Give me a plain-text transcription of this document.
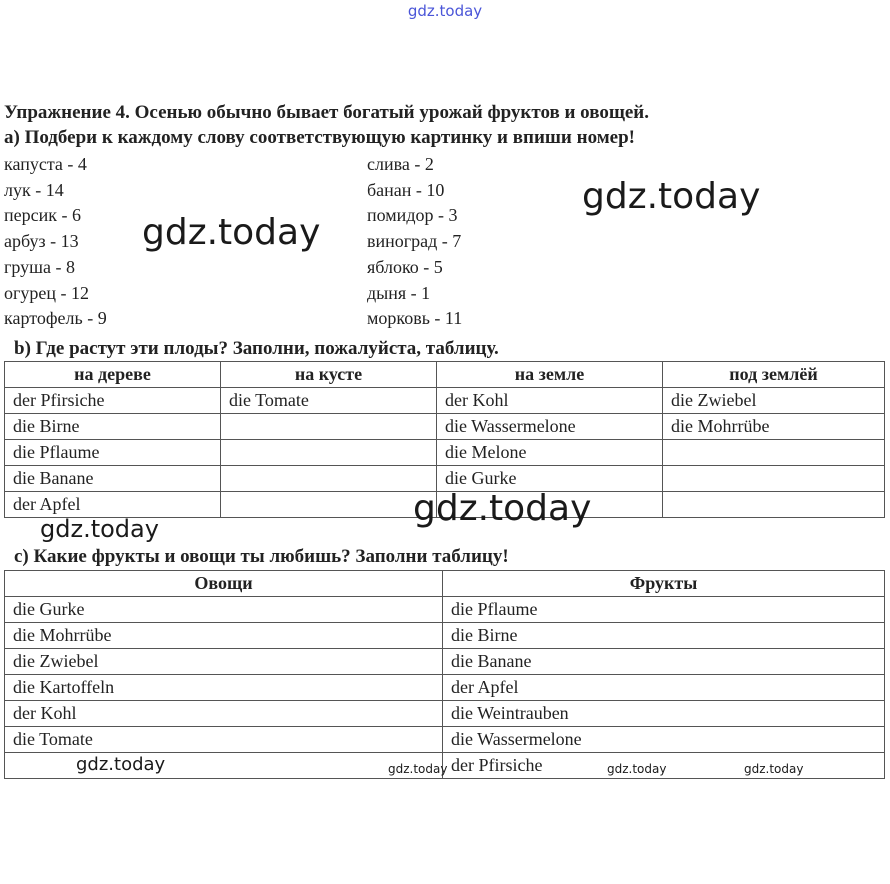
gdz.today
Упражнение 4. Осенью обычно бывает богатый урожай фруктов и овощей.
а) Подбери к каждому слову соответствующую картинку и впиши номер!
капуста - 4
лук - 14
персик - 6
арбуз - 13
груша - 8
огурец - 12
картофель - 9
слива - 2
банан - 10
помидор - 3
виноград - 7
яблоко - 5
дыня - 1
морковь - 11
b) Где растут эти плоды? Заполни, пожалуйста, таблицу.
на дереве	на кусте	на земле	под землёй
der Pfirsiche	die Tomate	der Kohl	die Zwiebel
die Birne		die Wassermelone	die Mohrrübe
die Pflaume		die Melone	
die Banane		die Gurke	
der Apfel			
c) Какие фрукты и овощи ты любишь? Заполни таблицу!
Овощи	Фрукты
die Gurke	die Pflaume
die Mohrrübe	die Birne
die Zwiebel	die Banane
die Kartoffeln	der Apfel
der Kohl	die Weintrauben
die Tomate	die Wassermelone
	der Pfirsiche
gdz.today
gdz.today
gdz.today
gdz.today
gdz.today	gdz.today	gdz.today	gdz.today
